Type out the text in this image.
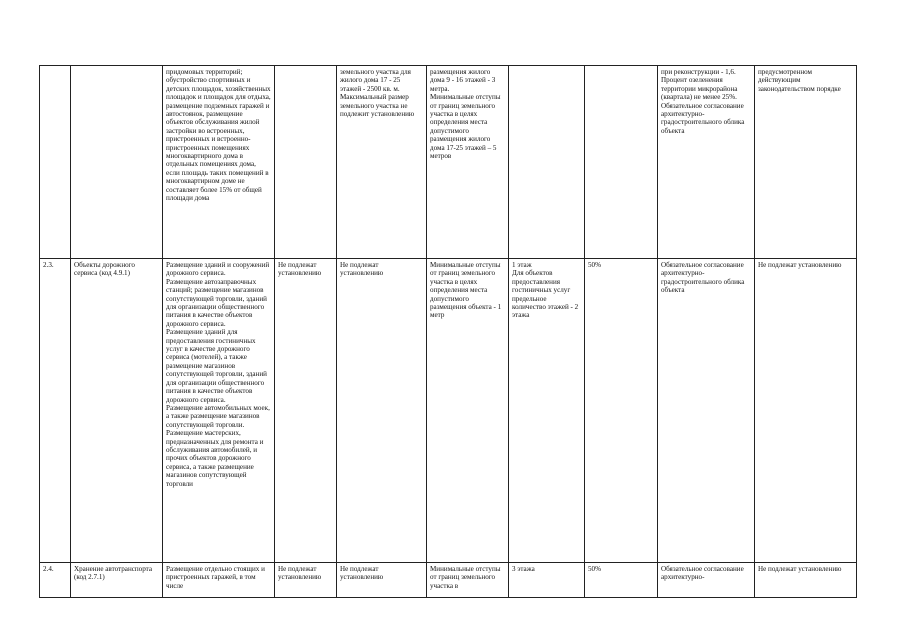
		придомовых территорий;
обустройство спортивных и детских площадок, хозяйственных площадок и площадок для отдыха, размещение подземных гаражей и автостоянок, размещение объектов обслуживания жилой застройки во встроенных, пристроенных и встроенно-пристроенных помещениях многоквартирного дома в отдельных помещениях дома, если площадь таких помещений в многоквартирном доме не составляет более 15% от общей площади дома		земельного участка для жилого дома 17 - 25 этажей - 2500 кв. м.
Максимальный размер земельного участка не подлежит установлению	размещения жилого дома 9 - 16 этажей - 3 метра.
Минимальные отступы от границ земельного участка в целях определения места допустимого размещения жилого дома 17-25 этажей – 5 метров			при реконструкции - 1,6. Процент озеленения территории микрорайона (квартала) не менее 25%.
Обязательное согласование архитектурно-градостроительного облика объекта	предусмотренном действующим законодательством порядке
2.3.	Объекты дорожного сервиса (код 4.9.1)	Размещение зданий и сооружений дорожного сервиса.
Размещение автозаправочных станций; размещение магазинов сопутствующей торговли, зданий для организации общественного питания в качестве объектов дорожного сервиса.
Размещение зданий для предоставления гостиничных услуг в качестве дорожного сервиса (мотелей), а также размещение магазинов сопутствующей торговли, зданий для организации общественного питания в качестве объектов дорожного сервиса.
Размещение автомобильных моек, а также размещение магазинов сопутствующей торговли.
Размещение мастерских, предназначенных для ремонта и обслуживания автомобилей, и прочих объектов дорожного сервиса, а также размещение магазинов сопутствующей торговли	Не подлежат установлению	Не подлежат установлению	Минимальные отступы от границ земельного участка в целях определения места допустимого размещения объекта - 1 метр	1 этаж
Для объектов предоставления гостиничных услуг предельное количество этажей - 2 этажа	50%	Обязательное согласование архитектурно-градостроительного облика объекта	Не подлежат установлению
2.4.	Хранение автотранспорта (код 2.7.1)	Размещение отдельно стоящих и пристроенных гаражей, в том числе	Не подлежат установлению	Не подлежат установлению	Минимальные отступы от границ земельного участка в	3 этажа	50%	Обязательное согласование архитектурно-	Не подлежат установлению
